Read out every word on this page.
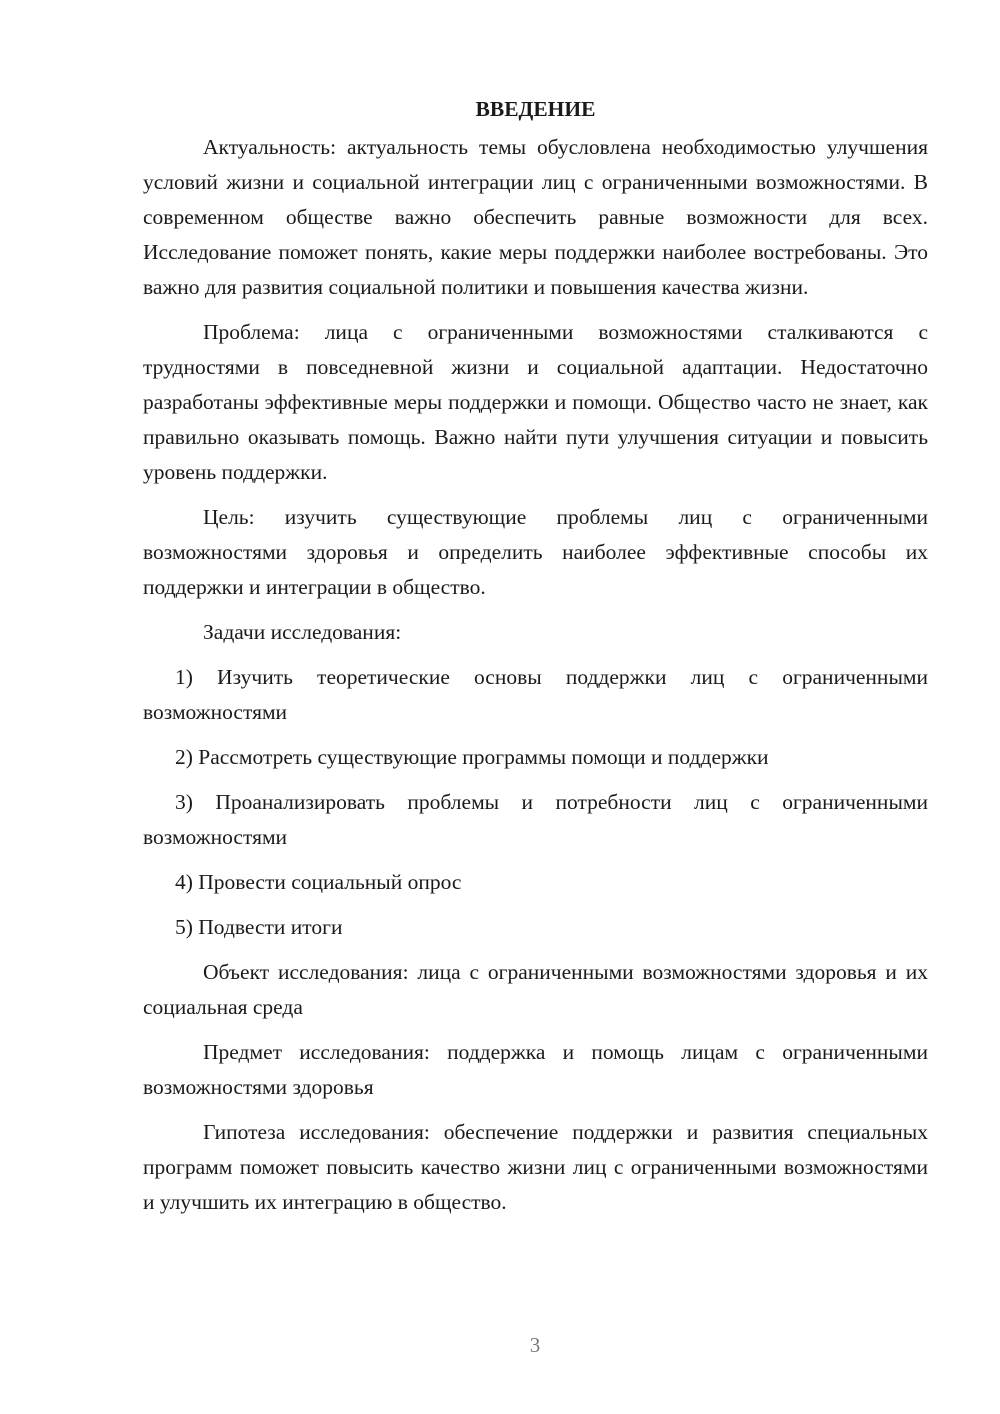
ВВЕДЕНИЕ

Актуальность: актуальность темы обусловлена необходимостью улучшения условий жизни и социальной интеграции лиц с ограниченными возможностями. В современном обществе важно обеспечить равные возможности для всех. Исследование поможет понять, какие меры поддержки наиболее востребованы. Это важно для развития социальной политики и повышения качества жизни.

Проблема: лица с ограниченными возможностями сталкиваются с трудностями в повседневной жизни и социальной адаптации. Недостаточно разработаны эффективные меры поддержки и помощи. Общество часто не знает, как правильно оказывать помощь. Важно найти пути улучшения ситуации и повысить уровень поддержки.

Цель: изучить существующие проблемы лиц с ограниченными возможностями здоровья и определить наиболее эффективные способы их поддержки и интеграции в общество.

Задачи исследования:

1) Изучить теоретические основы поддержки лиц с ограниченными возможностями

2) Рассмотреть существующие программы помощи и поддержки

3) Проанализировать проблемы и потребности лиц с ограниченными возможностями

4) Провести социальный опрос

5) Подвести итоги

Объект исследования: лица с ограниченными возможностями здоровья и их социальная среда

Предмет исследования: поддержка и помощь лицам с ограниченными возможностями здоровья

Гипотеза исследования: обеспечение поддержки и развития специальных программ поможет повысить качество жизни лиц с ограниченными возможностями и улучшить их интеграцию в общество.

3
